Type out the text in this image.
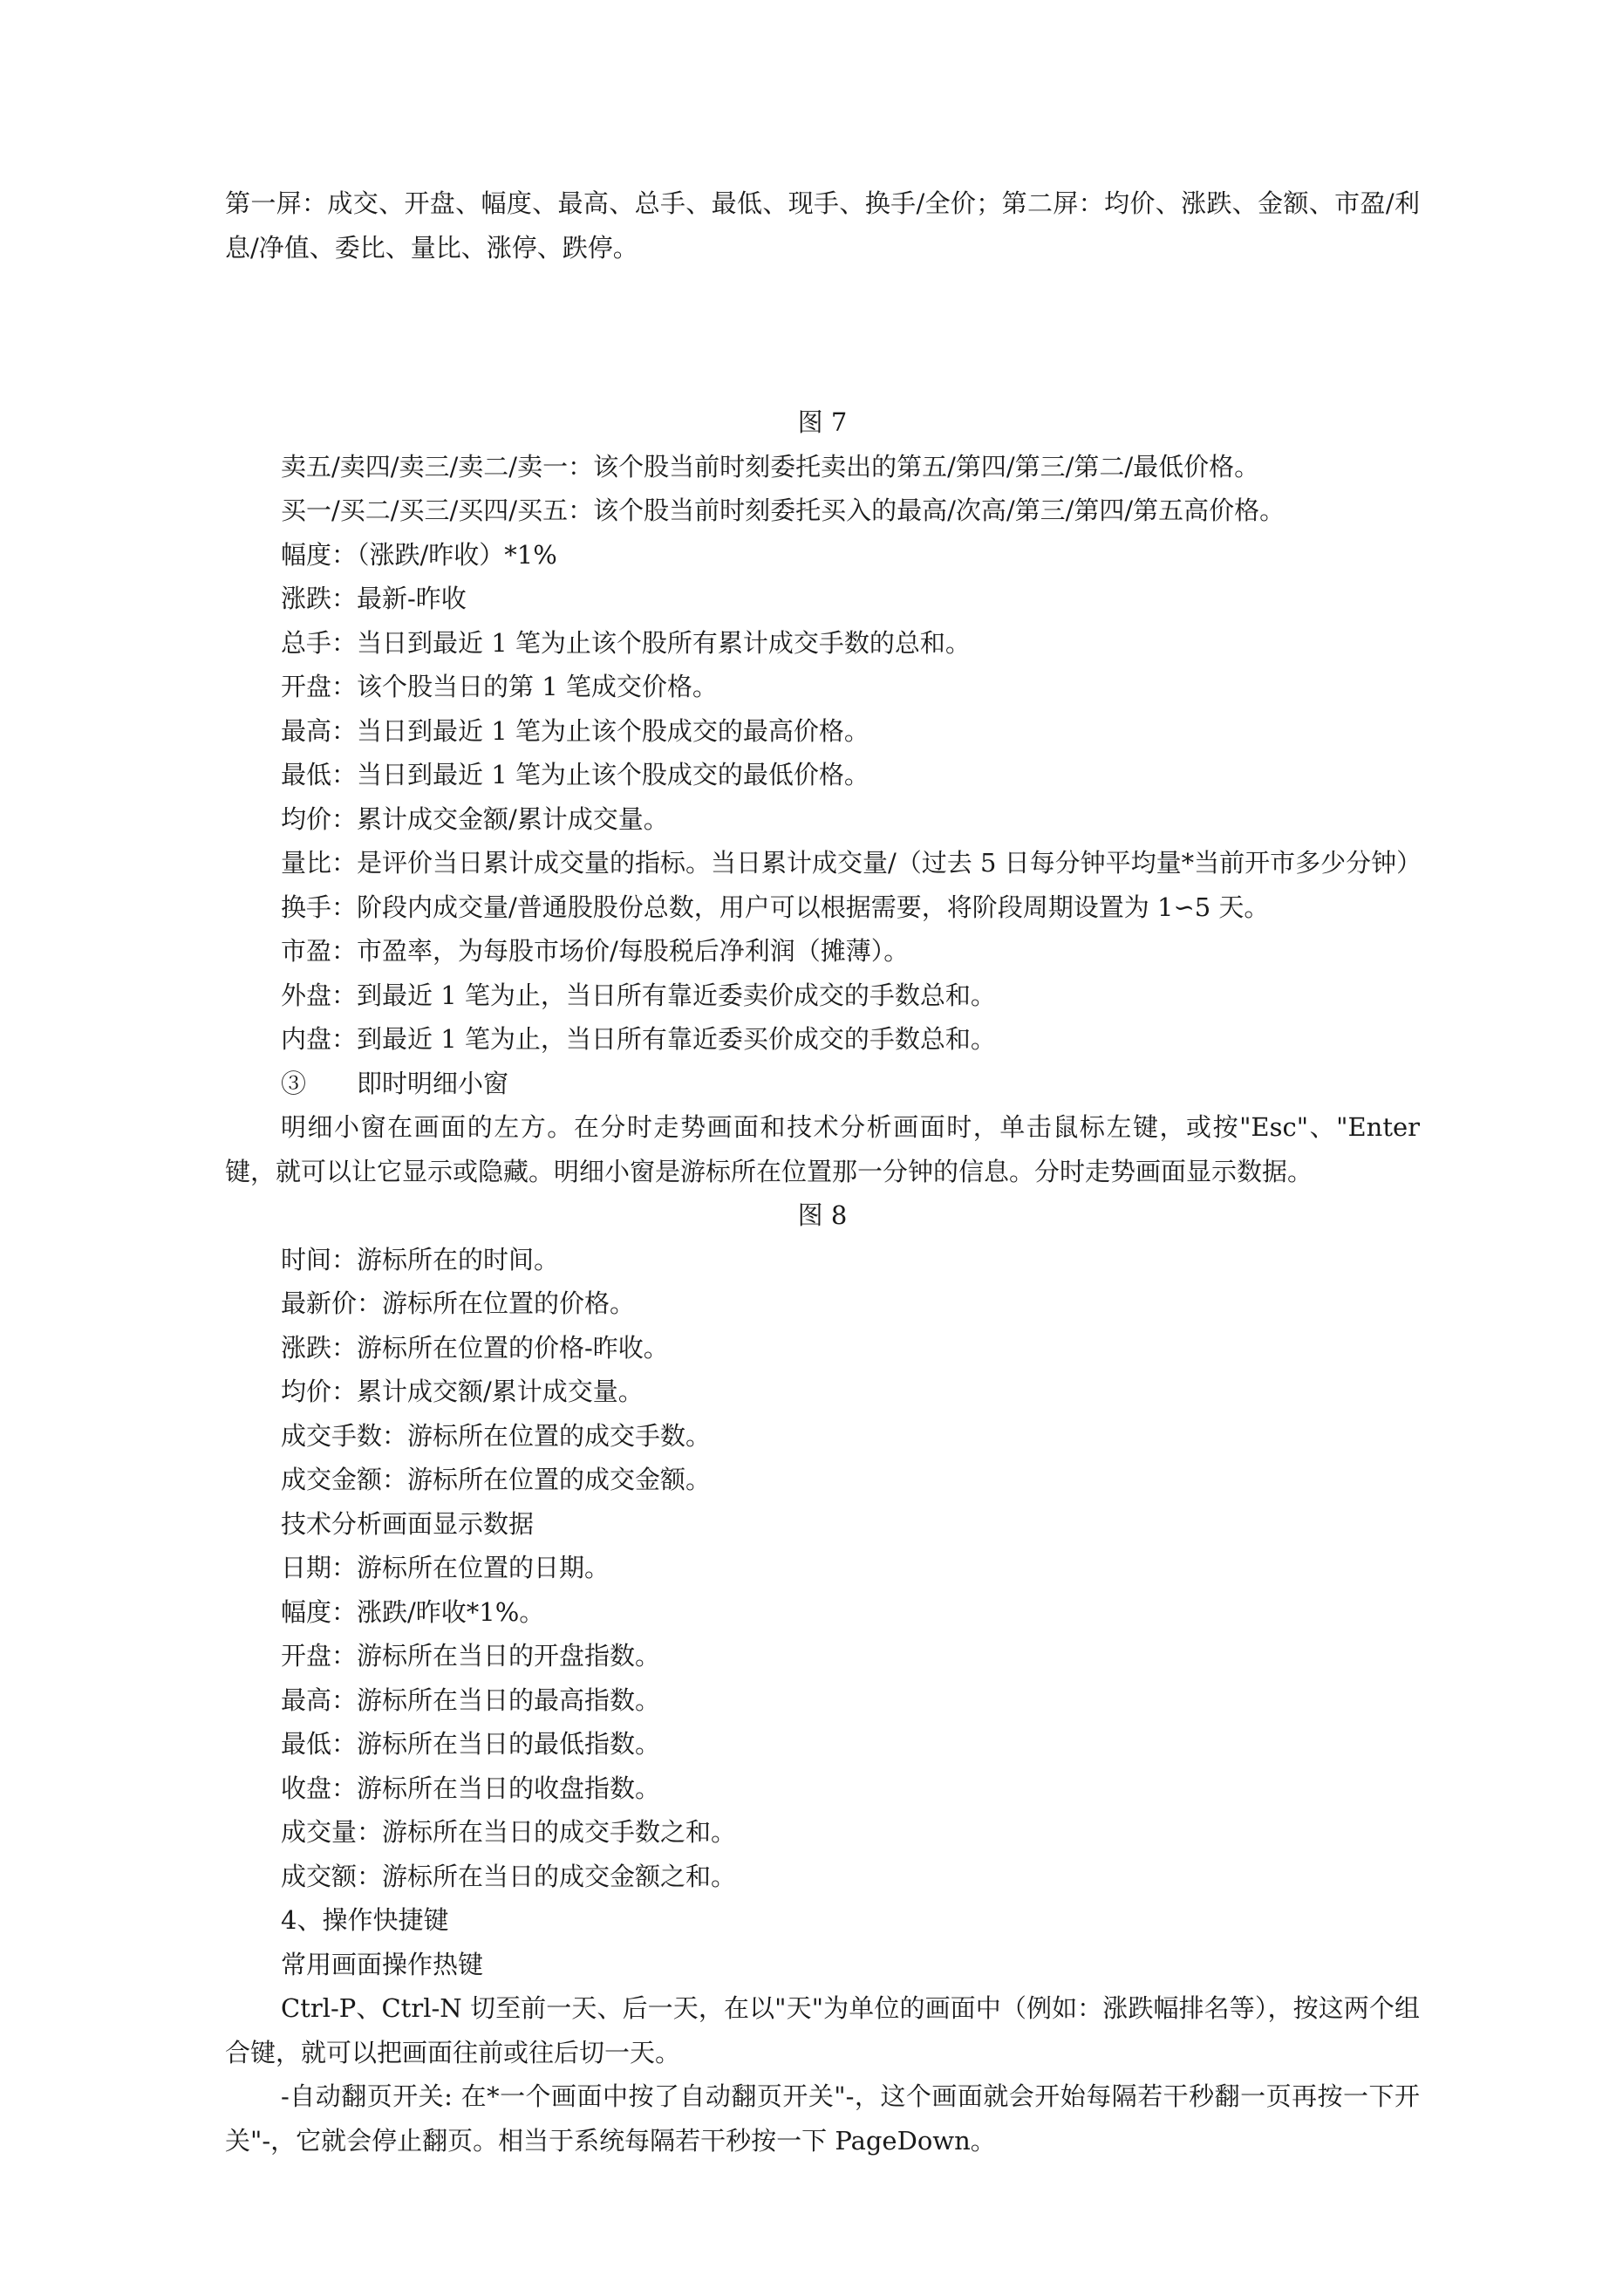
第一屏：成交、开盘、幅度、最高、总手、最低、现手、换手/全价；第二屏：均价、涨跌、金额、市盈/利息/净值、委比、量比、涨停、跌停。

图 7

卖五/卖四/卖三/卖二/卖一：该个股当前时刻委托卖出的第五/第四/第三/第二/最低价格。

买一/买二/买三/买四/买五：该个股当前时刻委托买入的最高/次高/第三/第四/第五高价格。

幅度：（涨跌/昨收）*1%

涨跌：最新-昨收

总手：当日到最近 1 笔为止该个股所有累计成交手数的总和。

开盘：该个股当日的第 1 笔成交价格。

最高：当日到最近 1 笔为止该个股成交的最高价格。

最低：当日到最近 1 笔为止该个股成交的最低价格。

均价：累计成交金额/累计成交量。

量比：是评价当日累计成交量的指标。当日累计成交量/（过去 5 日每分钟平均量*当前开市多少分钟）

换手：阶段内成交量/普通股股份总数，用户可以根据需要，将阶段周期设置为 1∽5 天。

市盈：市盈率，为每股市场价/每股税后净利润（摊薄）。

外盘：到最近 1 笔为止，当日所有靠近委卖价成交的手数总和。

内盘：到最近 1 笔为止，当日所有靠近委买价成交的手数总和。

③　　即时明细小窗

明细小窗在画面的左方。在分时走势画面和技术分析画面时，单击鼠标左键，或按"Esc"、"Enter 键，就可以让它显示或隐藏。明细小窗是游标所在位置那一分钟的信息。分时走势画面显示数据。

图 8

时间：游标所在的时间。

最新价：游标所在位置的价格。

涨跌：游标所在位置的价格-昨收。

均价：累计成交额/累计成交量。

成交手数：游标所在位置的成交手数。

成交金额：游标所在位置的成交金额。

技术分析画面显示数据

日期：游标所在位置的日期。

幅度：涨跌/昨收*1%。

开盘：游标所在当日的开盘指数。

最高：游标所在当日的最高指数。

最低：游标所在当日的最低指数。

收盘：游标所在当日的收盘指数。

成交量：游标所在当日的成交手数之和。

成交额：游标所在当日的成交金额之和。

4、操作快捷键

常用画面操作热键

Ctrl-P、Ctrl-N 切至前一天、后一天，在以"天"为单位的画面中（例如：涨跌幅排名等），按这两个组合键，就可以把画面往前或往后切一天。

-自动翻页开关: 在*一个画面中按了自动翻页开关"-，这个画面就会开始每隔若干秒翻一页再按一下开关"-，它就会停止翻页。相当于系统每隔若干秒按一下 PageDown。
